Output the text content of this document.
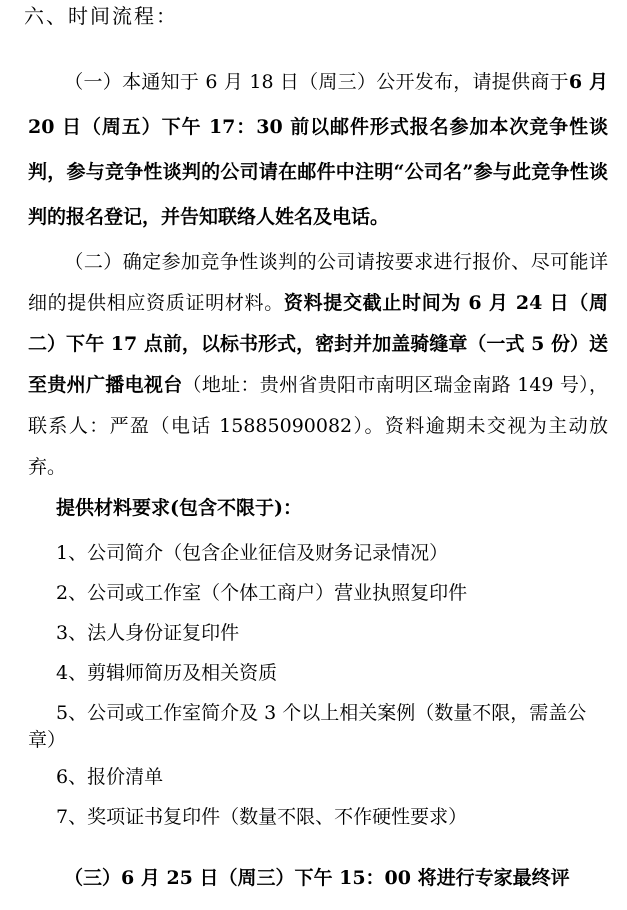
六、时间流程：
（一）本通知于 6 月 18 日（周三）公开发布，请提供商于6 月 20 日（周五）下午 17：30 前以邮件形式报名参加本次竞争性谈判，参与竞争性谈判的公司请在邮件中注明“公司名”参与此竞争性谈判的报名登记，并告知联络人姓名及电话。
（二）确定参加竞争性谈判的公司请按要求进行报价、尽可能详细的提供相应资质证明材料。资料提交截止时间为 6 月 24 日（周二）下午 17 点前，以标书形式，密封并加盖骑缝章（一式 5 份）送至贵州广播电视台（地址：贵州省贵阳市南明区瑞金南路 149 号），联系人：严盈（电话 15885090082）。资料逾期未交视为主动放弃。
提供材料要求(包含不限于)：
1、公司简介（包含企业征信及财务记录情况）
2、公司或工作室（个体工商户）营业执照复印件
3、法人身份证复印件
4、剪辑师简历及相关资质
5、公司或工作室简介及 3 个以上相关案例（数量不限，需盖公章）
6、报价清单
7、奖项证书复印件（数量不限、不作硬性要求）
（三）6 月 25 日（周三）下午 15：00 将进行专家最终评
